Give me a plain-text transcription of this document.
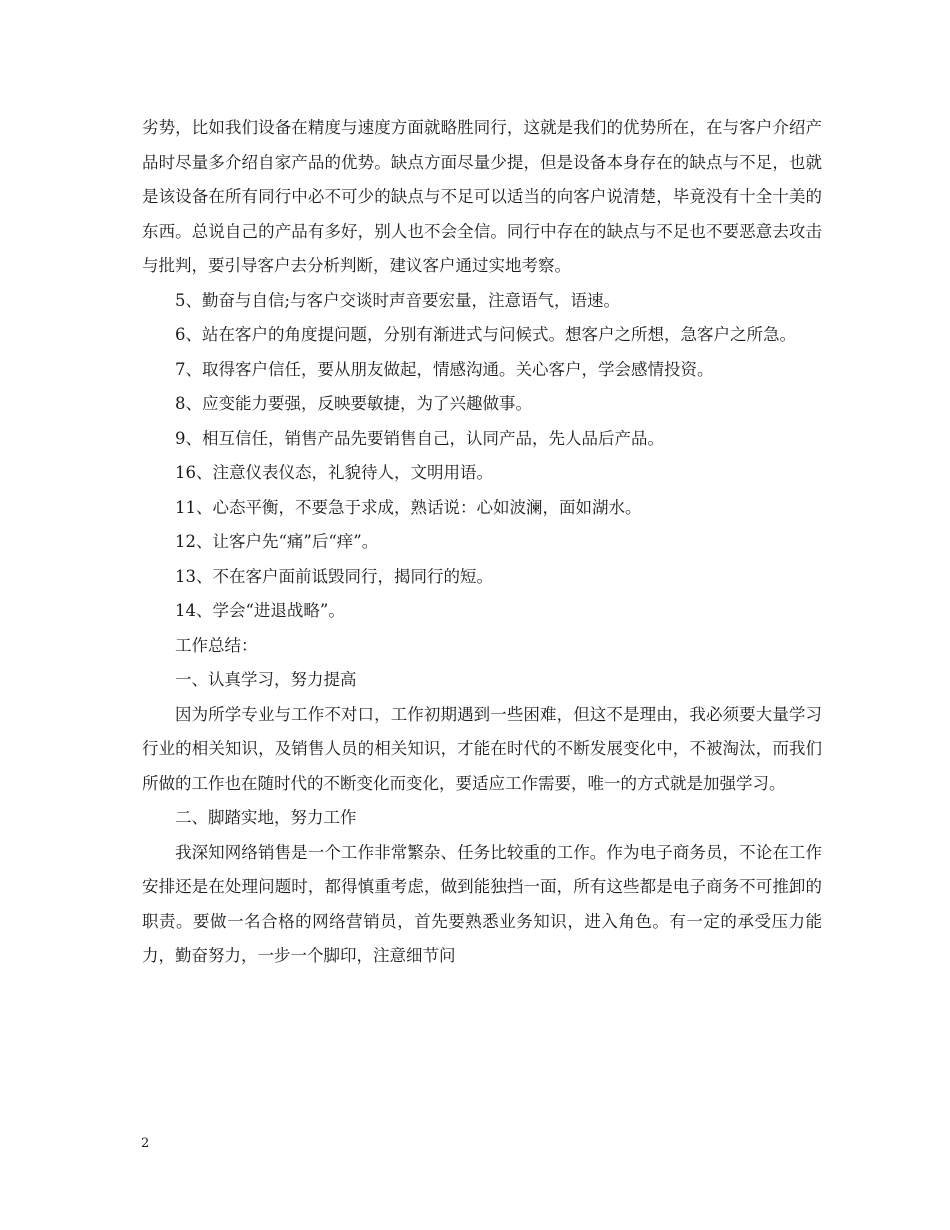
劣势，比如我们设备在精度与速度方面就略胜同行，这就是我们的优势所在，在与客户介绍产品时尽量多介绍自家产品的优势。缺点方面尽量少提，但是设备本身存在的缺点与不足，也就是该设备在所有同行中必不可少的缺点与不足可以适当的向客户说清楚，毕竟没有十全十美的东西。总说自己的产品有多好，别人也不会全信。同行中存在的缺点与不足也不要恶意去攻击与批判，要引导客户去分析判断，建议客户通过实地考察。

5、勤奋与自信;与客户交谈时声音要宏量，注意语气，语速。

6、站在客户的角度提问题，分别有渐进式与问候式。想客户之所想，急客户之所急。

7、取得客户信任，要从朋友做起，情感沟通。关心客户，学会感情投资。

8、应变能力要强，反映要敏捷，为了兴趣做事。

9、相互信任，销售产品先要销售自己，认同产品，先人品后产品。

16、注意仪表仪态，礼貌待人，文明用语。

11、心态平衡，不要急于求成，熟话说：心如波澜，面如湖水。

12、让客户先“痛”后“痒”。

13、不在客户面前诋毁同行，揭同行的短。

14、学会“进退战略”。

工作总结：

一、认真学习，努力提高

因为所学专业与工作不对口，工作初期遇到一些困难，但这不是理由，我必须要大量学习行业的相关知识，及销售人员的相关知识，才能在时代的不断发展变化中，不被淘汰，而我们所做的工作也在随时代的不断变化而变化，要适应工作需要，唯一的方式就是加强学习。

二、脚踏实地，努力工作

我深知网络销售是一个工作非常繁杂、任务比较重的工作。作为电子商务员，不论在工作安排还是在处理问题时，都得慎重考虑，做到能独挡一面，所有这些都是电子商务不可推卸的职责。要做一名合格的网络营销员，首先要熟悉业务知识，进入角色。有一定的承受压力能力，勤奋努力，一步一个脚印，注意细节问

2
